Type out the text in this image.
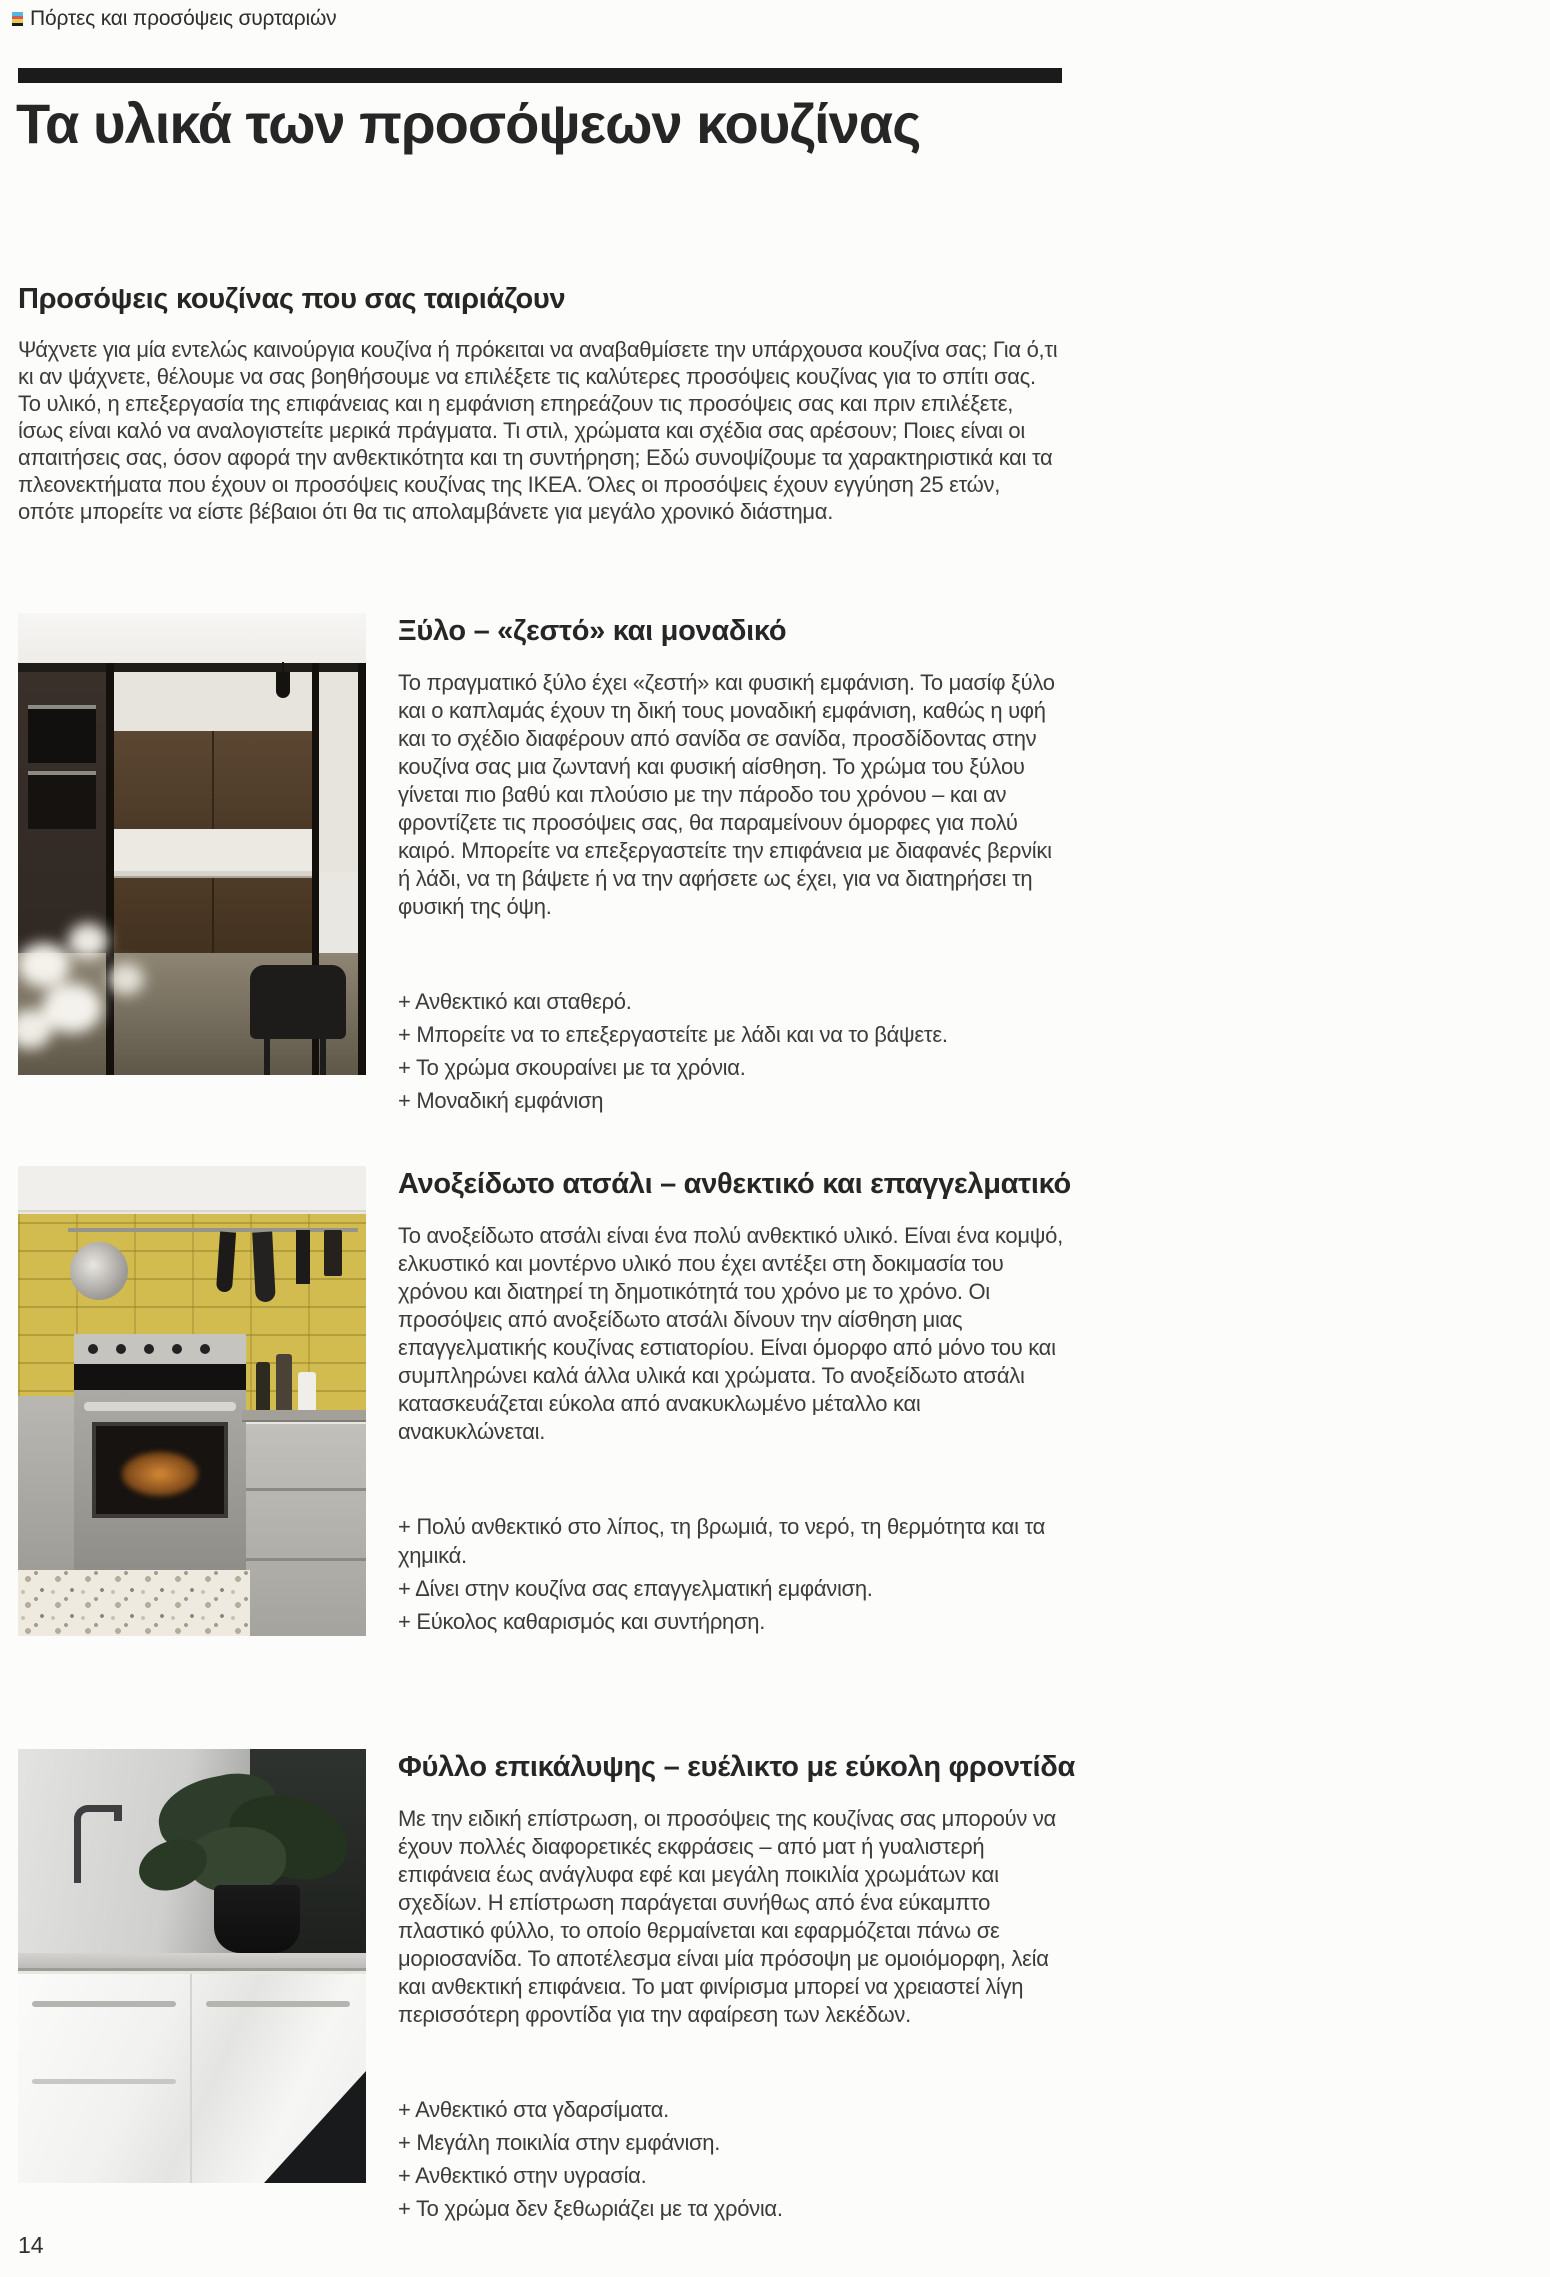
Πόρτες και προσόψεις συρταριών
Τα υλικά των προσόψεων κουζίνας
Προσόψεις κουζίνας που σας ταιριάζουν

Ψάχνετε για μία εντελώς καινούργια κουζίνα ή πρόκειται να αναβαθμίσετε την υπάρχουσα κουζίνα σας; Για ό,τι κι αν ψάχνετε, θέλουμε να σας βοηθήσουμε να επιλέξετε τις καλύτερες προσόψεις κουζίνας για το σπίτι σας. Το υλικό, η επεξεργασία της επιφάνειας και η εμφάνιση επηρεάζουν τις προσόψεις σας και πριν επιλέξετε, ίσως είναι καλό να αναλογιστείτε μερικά πράγματα. Τι στιλ, χρώματα και σχέδια σας αρέσουν; Ποιες είναι οι απαιτήσεις σας, όσον αφορά την ανθεκτικότητα και τη συντήρηση; Εδώ συνοψίζουμε τα χαρακτηριστικά και τα πλεονεκτήματα που έχουν οι προσόψεις κουζίνας της IKEA. Όλες οι προσόψεις έχουν εγγύηση 25 ετών, οπότε μπορείτε να είστε βέβαιοι ότι θα τις απολαμβάνετε για μεγάλο χρονικό διάστημα.

Ξύλο – «ζεστό» και μοναδικό

Το πραγματικό ξύλο έχει «ζεστή» και φυσική εμφάνιση. Το μασίφ ξύλο και ο καπλαμάς έχουν τη δική τους μοναδική εμφάνιση, καθώς η υφή και το σχέδιο διαφέρουν από σανίδα σε σανίδα, προσδίδοντας στην κουζίνα σας μια ζωντανή και φυσική αίσθηση. Το χρώμα του ξύλου γίνεται πιο βαθύ και πλούσιο με την πάροδο του χρόνου – και αν φροντίζετε τις προσόψεις σας, θα παραμείνουν όμορφες για πολύ καιρό. Μπορείτε να επεξεργαστείτε την επιφάνεια με διαφανές βερνίκι ή λάδι, να τη βάψετε ή να την αφήσετε ως έχει, για να διατηρήσει τη φυσική της όψη.

+ Ανθεκτικό και σταθερό.
+ Μπορείτε να το επεξεργαστείτε με λάδι και να το βάψετε.
+ Το χρώμα σκουραίνει με τα χρόνια.
+ Μοναδική εμφάνιση
Ανοξείδωτο ατσάλι – ανθεκτικό και επαγγελματικό

Το ανοξείδωτο ατσάλι είναι ένα πολύ ανθεκτικό υλικό. Είναι ένα κομψό, ελκυστικό και μοντέρνο υλικό που έχει αντέξει στη δοκιμασία του χρόνου και διατηρεί τη δημοτικότητά του χρόνο με το χρόνο. Οι προσόψεις από ανοξείδωτο ατσάλι δίνουν την αίσθηση μιας επαγγελματικής κουζίνας εστιατορίου. Είναι όμορφο από μόνο του και συμπληρώνει καλά άλλα υλικά και χρώματα. Το ανοξείδωτο ατσάλι κατασκευάζεται εύκολα από ανακυκλωμένο μέταλλο και ανακυκλώνεται.

+ Πολύ ανθεκτικό στο λίπος, τη βρωμιά, το νερό, τη θερμότητα και τα χημικά.
+ Δίνει στην κουζίνα σας επαγγελματική εμφάνιση.
+ Εύκολος καθαρισμός και συντήρηση.
Φύλλο επικάλυψης – ευέλικτο με εύκολη φροντίδα

Με την ειδική επίστρωση, οι προσόψεις της κουζίνας σας μπορούν να έχουν πολλές διαφορετικές εκφράσεις – από ματ ή γυαλιστερή επιφάνεια έως ανάγλυφα εφέ και μεγάλη ποικιλία χρωμάτων και σχεδίων. Η επίστρωση παράγεται συνήθως από ένα εύκαμπτο πλαστικό φύλλο, το οποίο θερμαίνεται και εφαρμόζεται πάνω σε μοριοσανίδα. Το αποτέλεσμα είναι μία πρόσοψη με ομοιόμορφη, λεία και ανθεκτική επιφάνεια. Το ματ φινίρισμα μπορεί να χρειαστεί λίγη περισσότερη φροντίδα για την αφαίρεση των λεκέδων.

+ Ανθεκτικό στα γδαρσίματα.
+ Μεγάλη ποικιλία στην εμφάνιση.
+ Ανθεκτικό στην υγρασία.
+ Το χρώμα δεν ξεθωριάζει με τα χρόνια.
14
